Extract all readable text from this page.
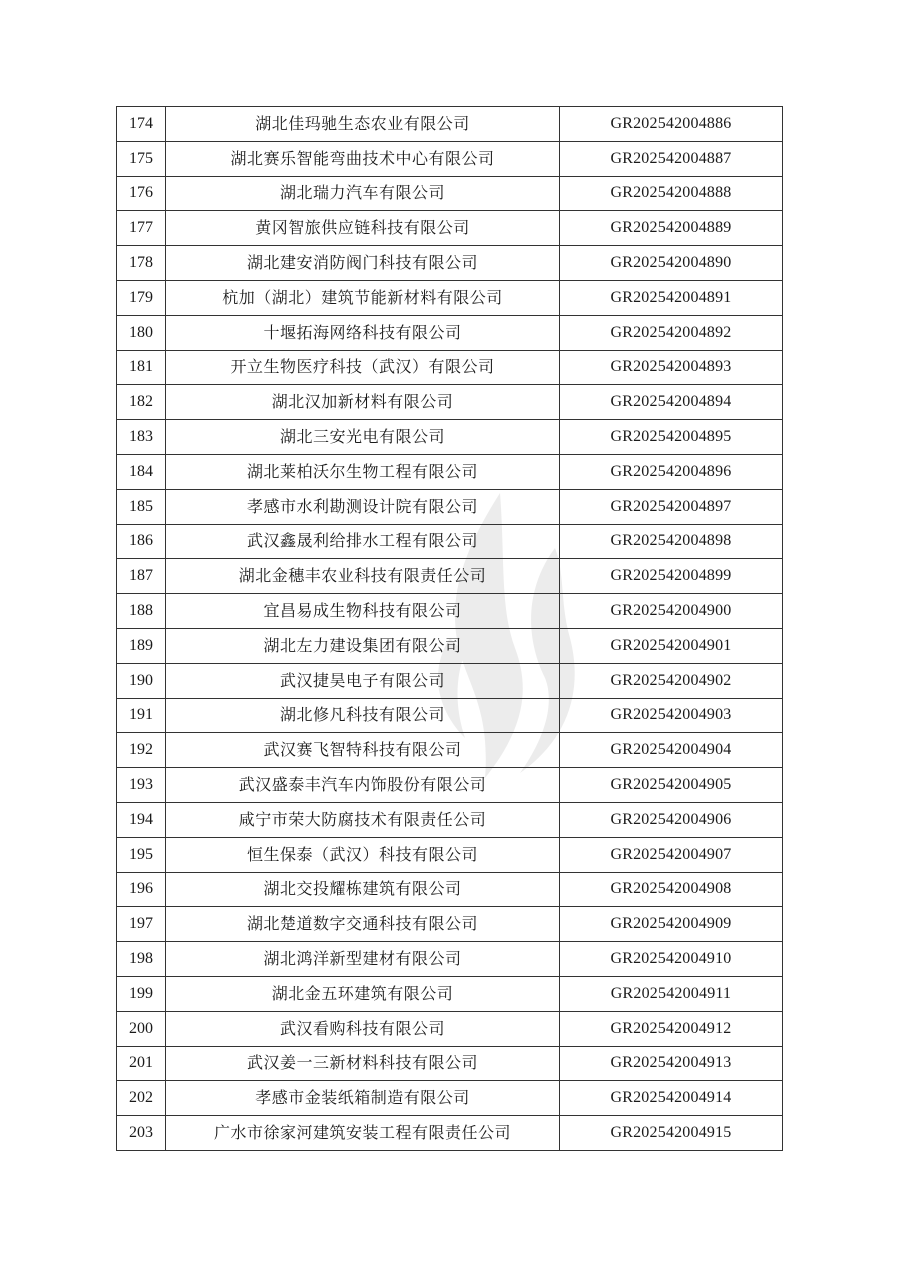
174	湖北佳玛驰生态农业有限公司	GR202542004886
175	湖北赛乐智能弯曲技术中心有限公司	GR202542004887
176	湖北瑞力汽车有限公司	GR202542004888
177	黄冈智旅供应链科技有限公司	GR202542004889
178	湖北建安消防阀门科技有限公司	GR202542004890
179	杭加（湖北）建筑节能新材料有限公司	GR202542004891
180	十堰拓海网络科技有限公司	GR202542004892
181	开立生物医疗科技（武汉）有限公司	GR202542004893
182	湖北汉加新材料有限公司	GR202542004894
183	湖北三安光电有限公司	GR202542004895
184	湖北莱柏沃尔生物工程有限公司	GR202542004896
185	孝感市水利勘测设计院有限公司	GR202542004897
186	武汉鑫晟利给排水工程有限公司	GR202542004898
187	湖北金穗丰农业科技有限责任公司	GR202542004899
188	宜昌易成生物科技有限公司	GR202542004900
189	湖北左力建设集团有限公司	GR202542004901
190	武汉捷昊电子有限公司	GR202542004902
191	湖北修凡科技有限公司	GR202542004903
192	武汉赛飞智特科技有限公司	GR202542004904
193	武汉盛泰丰汽车内饰股份有限公司	GR202542004905
194	咸宁市荣大防腐技术有限责任公司	GR202542004906
195	恒生保泰（武汉）科技有限公司	GR202542004907
196	湖北交投耀栋建筑有限公司	GR202542004908
197	湖北楚道数字交通科技有限公司	GR202542004909
198	湖北鸿洋新型建材有限公司	GR202542004910
199	湖北金五环建筑有限公司	GR202542004911
200	武汉看购科技有限公司	GR202542004912
201	武汉姜一三新材料科技有限公司	GR202542004913
202	孝感市金装纸箱制造有限公司	GR202542004914
203	广水市徐家河建筑安装工程有限责任公司	GR202542004915
